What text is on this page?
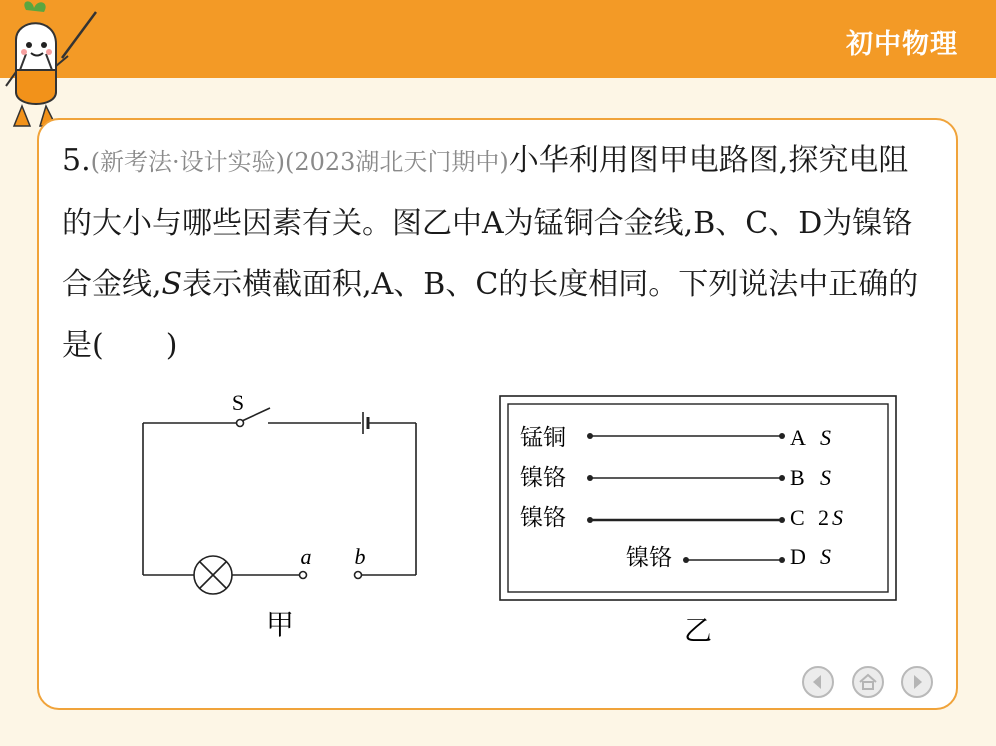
初中物理
5.(新考法·设计实验)(2023湖北天门期中)小华利用图甲电路图,探究电阻的大小与哪些因素有关。图乙中A为锰铜合金线,B、C、D为镍铬合金线,S表示横截面积,A、B、C的长度相同。下列说法中正确的是( )
S
a b
甲
锰铜	A S
镍铬	B S
镍铬	C 2 S
镍铬	D S
乙
